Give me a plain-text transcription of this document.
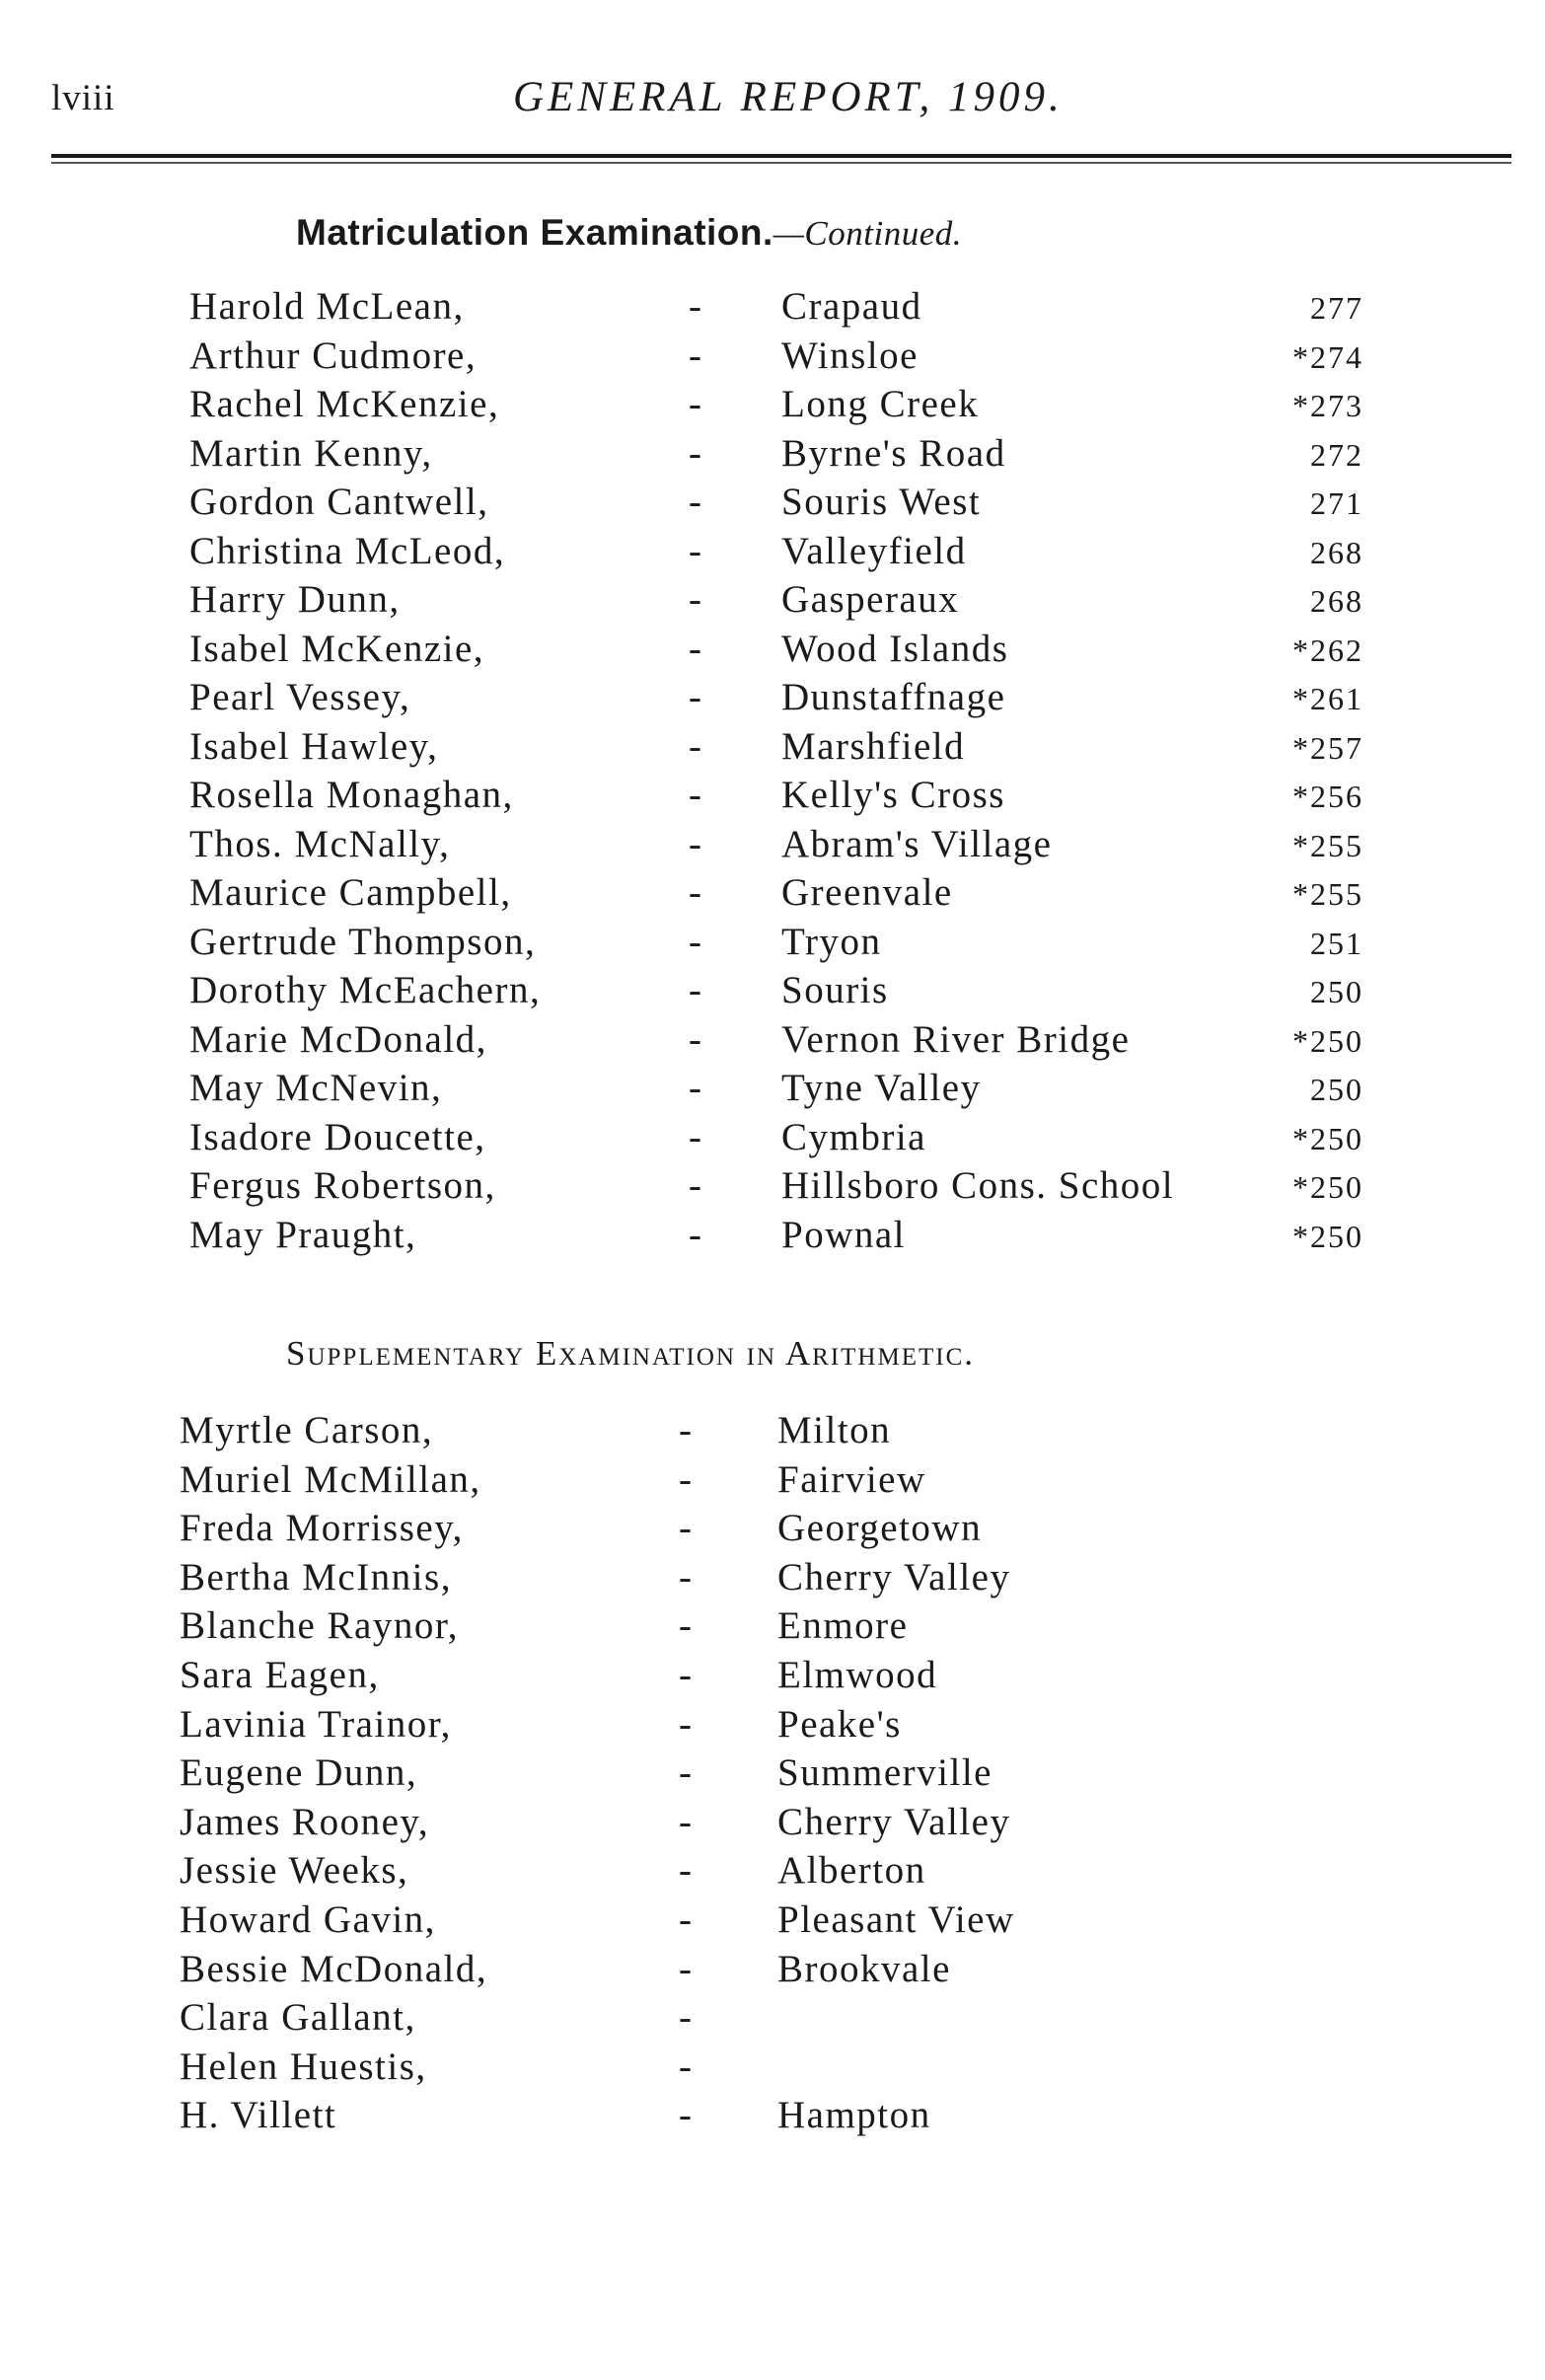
lviii	GENERAL REPORT, 1909.
Matriculation Examination.—Continued.
Harold McLean,	- Crapaud	277
Arthur Cudmore,	- Winsloe	*274
Rachel McKenzie,	- Long Creek	*273
Martin Kenny,	- Byrne's Road	272
Gordon Cantwell,	- Souris West	271
Christina McLeod,	- Valleyfield	268
Harry Dunn,	- Gasperaux	268
Isabel McKenzie,	- Wood Islands	*262
Pearl Vessey,	- Dunstaffnage	*261
Isabel Hawley,	- Marshfield	*257
Rosella Monaghan,	- Kelly's Cross	*256
Thos. McNally,	- Abram's Village	*255
Maurice Campbell,	- Greenvale	*255
Gertrude Thompson,	- Tryon	251
Dorothy McEachern,	- Souris	250
Marie McDonald,	- Vernon River Bridge	*250
May McNevin,	- Tyne Valley	250
Isadore Doucette,	- Cymbria	*250
Fergus Robertson,	- Hillsboro Cons. School	*250
May Praught,	- Pownal	*250
Supplementary Examination in Arithmetic.
Myrtle Carson,	- Milton
Muriel McMillan,	- Fairview
Freda Morrissey,	- Georgetown
Bertha McInnis,	- Cherry Valley
Blanche Raynor,	- Enmore
Sara Eagen,	- Elmwood
Lavinia Trainor,	- Peake's
Eugene Dunn,	- Summerville
James Rooney,	- Cherry Valley
Jessie Weeks,	- Alberton
Howard Gavin,	- Pleasant View
Bessie McDonald,	- Brookvale
Clara Gallant,	-
Helen Huestis,	-
H. Villett	- Hampton
